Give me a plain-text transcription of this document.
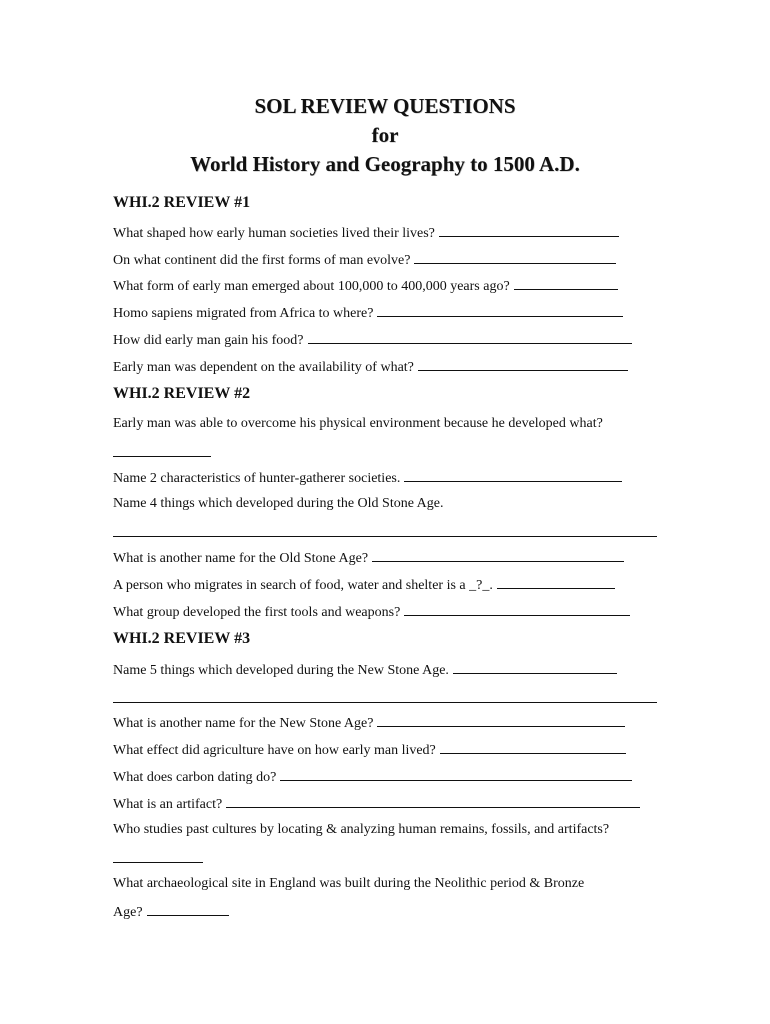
SOL REVIEW QUESTIONS
for
World History and Geography to 1500 A.D.
WHI.2 REVIEW #1
What shaped how early human societies lived their lives?
On what continent did the first forms of man evolve?
What form of early man emerged about 100,000 to 400,000 years ago?
Homo sapiens migrated from Africa to where?
How did early man gain his food?
Early man was dependent on the availability of what?
WHI.2 REVIEW #2
Early man was able to overcome his physical environment because he developed what?
Name 2 characteristics of hunter-gatherer societies.
Name 4 things which developed during the Old Stone Age.
What is another name for the Old Stone Age?
A person who migrates in search of food, water and shelter is a _?_.
What group developed the first tools and weapons?
WHI.2 REVIEW #3
Name 5 things which developed during the New Stone Age.
What is another name for the New Stone Age?
What effect did agriculture have on how early man lived?
What does carbon dating do?
What is an artifact?
Who studies past cultures by locating & analyzing human remains, fossils, and artifacts?
What archaeological site in England was built during the Neolithic period & Bronze
Age?
